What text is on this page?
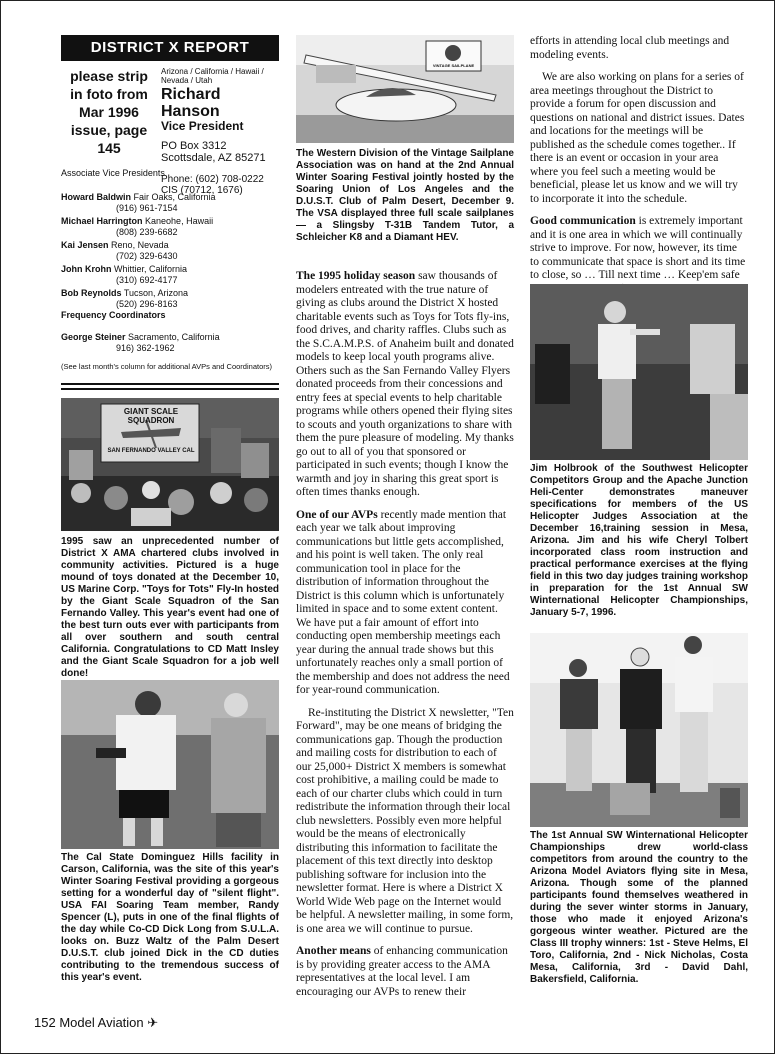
DISTRICT X REPORT
please strip
in foto from
Mar 1996
issue, page
145
Arizona / California / Hawaii / Nevada / Utah
Richard Hanson
Vice President
PO Box 3312
Scottsdale, AZ 85271
Phone: (602) 708-0222
CIS (70712, 1676)
Associate Vice Presidents
Howard Baldwin Fair Oaks, California
(916) 961-7154
Michael Harrington Kaneohe, Hawaii
(808) 239-6682
Kai Jensen Reno, Nevada
(702) 329-6430
John Krohn Whittier, California
(310) 692-4177
Bob Reynolds Tucson, Arizona
(520) 296-8163
Frequency Coordinators
George Steiner Sacramento, California
916) 362-1962
(See last month's column for additional AVPs and Coordinators)
GIANT SCALE SQUADRON
SAN FERNANDO VALLEY CAL
1995 saw an unprecedented number of District X AMA chartered clubs involved in community activities. Pictured is a huge mound of toys donated at the December 10, US Marine Corp. "Toys for Tots" Fly-In hosted by the Giant Scale Squadron of the San Fernando Valley. This year's event had one of the best turn outs ever with participants from all over southern and south central California. Congratulations to CD Matt Insley and the Giant Scale Squadron for a job well done!
The Cal State Dominguez Hills facility in Carson, California, was the site of this year's Winter Soaring Festival providing a gorgeous setting for a wonderful day of "silent flight". USA FAI Soaring Team member, Randy Spencer (L), puts in one of the final flights of the day while Co-CD Dick Long from S.U.L.A. looks on. Buzz Waltz of the Palm Desert D.U.S.T. club joined Dick in the CD duties contributing to the tremendous success of this year's event.
VINTAGE SAILPLANE
The Western Division of the Vintage Sailplane Association was on hand at the 2nd Annual Winter Soaring Festival jointly hosted by the Soaring Union of Los Angeles and the D.U.S.T. Club of Palm Desert, December 9. The VSA displayed three full scale sailplanes— a Slingsby T-31B Tandem Tutor, a Schleicher K8 and a Diamant HEV.

The 1995 holiday season saw thousands of modelers entreated with the true nature of giving as clubs around the District X hosted charitable events such as Toys for Tots fly-ins, food drives, and charity raffles. Clubs such as the S.C.A.M.P.S. of Anaheim built and donated models to keep local youth programs alive. Others such as the San Fernando Valley Flyers donated proceeds from their concessions and entry fees at special events to help charitable programs while others opened their flying sites to scouts and youth organizations to share with them the pure pleasure of modeling. My thanks go out to all of you that sponsored or participated in such events; though I know the warmth and joy in sharing this great sport is often times thanks enough.

One of our AVPs recently made mention that each year we talk about improving communications but little gets accomplished, and his point is well taken. The only real communication tool in place for the distribution of information throughout the District is this column which is unfortunately limited in space and to some extent content. We have put a fair amount of effort into conducting open membership meetings each year during the annual trade shows but this unfortunately reaches only a small portion of the membership and does not address the need for year-round communication.

Re-instituting the District X newsletter, "Ten Forward", may be one means of bridging the communications gap. Though the production and mailing costs for distribution to each of our 25,000+ District X members is somewhat cost prohibitive, a mailing could be made to each of our charter clubs which could in turn redistribute the information through their local club newsletters. Possibly even more helpful would be the means of electronically distributing this information to facilitate the placement of this text directly into desktop publishing software for inclusion into the newsletter format. Here is where a District X World Wide Web page on the Internet would be helpful. A newsletter mailing, in some form, is one area we will continue to pursue.

Another means of enhancing communication is by providing greater access to the AMA representatives at the local level. I am encouraging our AVPs to renew their

efforts in attending local club meetings and modeling events.

We are also working on plans for a series of area meetings throughout the District to provide a forum for open discussion and questions on national and district issues. Dates and locations for the meetings will be published as the schedule comes together.. If there is an event or occasion in your area where you feel such a meeting would be beneficial, please let us know and we will try to incorporate it into the schedule.

Good communication is extremely important and it is one area in which we will continually strive to improve. For now, however, its time to communicate that space is short and its time to close, so … Till next time … Keep'em safe

Jim Holbrook of the Southwest Helicopter Competitors Group and the Apache Junction Heli-Center demonstrates maneuver specifications for members of the US Helicopter Judges Association at the December 16,training session in Mesa, Arizona. Jim and his wife Cheryl Tolbert incorporated class room instruction and practical performance exercises at the flying field in this two day judges training workshop in preparation for the 1st Annual SW Winternational Helicopter Championships, January 5-7, 1996.
The 1st Annual SW Winternational Helicopter Championships drew world-class competitors from around the country to the Arizona Model Aviators flying site in Mesa, Arizona. Though some of the planned participants found themselves weathered in during the sever winter storms in January, those who made it enjoyed Arizona's gorgeous winter weather. Pictured are the Class III trophy winners: 1st - Steve Helms, El Toro, California, 2nd - Nick Nicholas, Costa Mesa, California, 3rd - David Dahl, Bakersfield, California.
152 Model Aviation ✈
